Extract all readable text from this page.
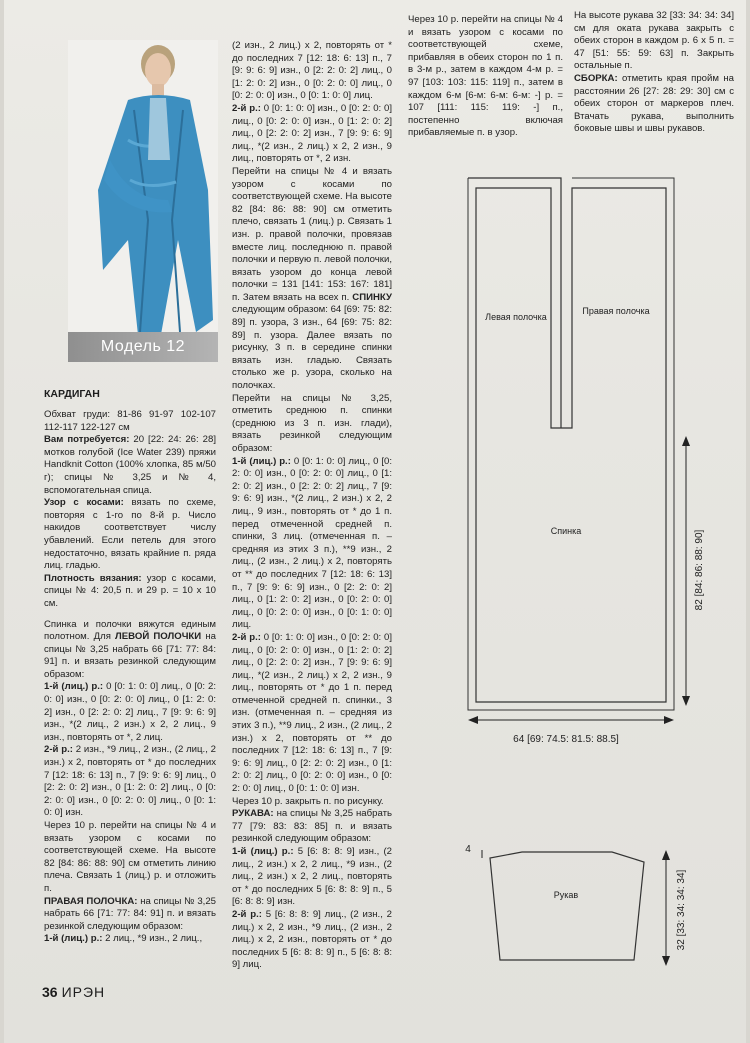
Модель 12
КАРДИГАН

Обхват груди: 81-86 91-97 102-107 112-117 122-127 см

Вам потребуется: 20 [22: 24: 26: 28] мотков голубой (Ice Water 239) пряжи Handknit Cotton (100% хлопка, 85 м/50 г); спицы № 3,25 и № 4, вспомогательная спица.

Узор с косами: вязать по схеме, повторяя с 1-го по 8-й р. Число накидов соответствует числу убавлений. Если петель для этого недостаточно, вязать крайние п. ряда лиц. гладью.

Плотность вязания: узор с косами, спицы № 4: 20,5 п. и 29 р. = 10 x 10 см.

Спинка и полочки вяжутся единым полотном. Для ЛЕВОЙ ПОЛОЧКИ на спицы № 3,25 набрать 66 [71: 77: 84: 91] п. и вязать резинкой следующим образом:

1-й (лиц.) р.: 0 [0: 1: 0: 0] лиц., 0 [0: 2: 0: 0] изн., 0 [0: 2: 0: 0] лиц., 0 [1: 2: 0: 2] изн., 0 [2: 2: 0: 2] лиц., 7 [9: 9: 6: 9] изн., *(2 лиц., 2 изн.) x 2, 2 лиц., 9 изн., повторять от *, 2 лиц.

2-й р.: 2 изн., *9 лиц., 2 изн., (2 лиц., 2 изн.) x 2, повторять от * до последних 7 [12: 18: 6: 13] п., 7 [9: 9: 6: 9] лиц., 0 [2: 2: 0: 2] изн., 0 [1: 2: 0: 2] лиц., 0 [0: 2: 0: 0] изн., 0 [0: 2: 0: 0] лиц., 0 [0: 1: 0: 0] изн.

Через 10 р. перейти на спицы № 4 и вязать узором с косами по соответствующей схеме. На высоте 82 [84: 86: 88: 90] см отметить линию плеча. Связать 1 (лиц.) р. и отложить п.

ПРАВАЯ ПОЛОЧКА: на спицы № 3,25 набрать 66 [71: 77: 84: 91] п. и вязать резинкой следующим образом:

1-й (лиц.) р.: 2 лиц., *9 изн., 2 лиц.,

(2 изн., 2 лиц.) x 2, повторять от * до последних 7 [12: 18: 6: 13] п., 7 [9: 9: 6: 9] изн., 0 [2: 2: 0: 2] лиц., 0 [1: 2: 0: 2] изн., 0 [0: 2: 0: 0] лиц., 0 [0: 2: 0: 0] изн., 0 [0: 1: 0: 0] лиц.

2-й р.: 0 [0: 1: 0: 0] изн., 0 [0: 2: 0: 0] лиц., 0 [0: 2: 0: 0] изн., 0 [1: 2: 0: 2] лиц., 0 [2: 2: 0: 2] изн., 7 [9: 9: 6: 9] лиц., *(2 изн., 2 лиц.) x 2, 2 изн., 9 лиц., повторять от *, 2 изн.

Перейти на спицы № 4 и вязать узором с косами по соответствующей схеме. На высоте 82 [84: 86: 88: 90] см отметить плечо, связать 1 (лиц.) р. Связать 1 изн. р. правой полочки, провязав вместе лиц. последнюю п. правой полочки и первую п. левой полочки, вязать узором до конца левой полочки = 131 [141: 153: 167: 181] п. Затем вязать на всех п. СПИНКУ следующим образом: 64 [69: 75: 82: 89] п. узора, 3 изн., 64 [69: 75: 82: 89] п. узора. Далее вязать по рисунку, 3 п. в середине спинки вязать изн. гладью. Связать столько же р. узора, сколько на полочках.

Перейти на спицы № 3,25, отметить среднюю п. спинки (среднюю из 3 п. изн. глади), вязать резинкой следующим образом:

1-й (лиц.) р.: 0 [0: 1: 0: 0] лиц., 0 [0: 2: 0: 0] изн., 0 [0: 2: 0: 0] лиц., 0 [1: 2: 0: 2] изн., 0 [2: 2: 0: 2] лиц., 7 [9: 9: 6: 9] изн., *(2 лиц., 2 изн.) x 2, 2 лиц., 9 изн., повторять от * до 1 п. перед отмеченной средней п. спинки, 3 лиц. (отмеченная п. – средняя из этих 3 п.), **9 изн., 2 лиц., (2 изн., 2 лиц.) x 2, повторять от ** до последних 7 [12: 18: 6: 13] п., 7 [9: 9: 6: 9] изн., 0 [2: 2: 0: 2] лиц., 0 [1: 2: 0: 2] изн., 0 [0: 2: 0: 0] лиц., 0 [0: 2: 0: 0] изн., 0 [0: 1: 0: 0] лиц.

2-й р.: 0 [0: 1: 0: 0] изн., 0 [0: 2: 0: 0] лиц., 0 [0: 2: 0: 0] изн., 0 [1: 2: 0: 2] лиц., 0 [2: 2: 0: 2] изн., 7 [9: 9: 6: 9] лиц., *(2 изн., 2 лиц.) x 2, 2 изн., 9 лиц., повторять от * до 1 п. перед отмеченной средней п. спинки., 3 изн. (отмеченная п. – средняя из этих 3 п.), **9 лиц., 2 изн., (2 лиц., 2 изн.) x 2, повторять от ** до последних 7 [12: 18: 6: 13] п., 7 [9: 9: 6: 9] лиц., 0 [2: 2: 0: 2] изн., 0 [1: 2: 0: 2] лиц., 0 [0: 2: 0: 0] изн., 0 [0: 2: 0: 0] лиц., 0 [0: 1: 0: 0] изн.

Через 10 р. закрыть п. по рисунку.

РУКАВА: на спицы № 3,25 набрать 77 [79: 83: 83: 85] п. и вязать резинкой следующим образом:

1-й (лиц.) р.: 5 [6: 8: 8: 9] изн., (2 лиц., 2 изн.) x 2, 2 лиц., *9 изн., (2 лиц., 2 изн.) x 2, 2 лиц., повторять от * до последних 5 [6: 8: 8: 9] п., 5 [6: 8: 8: 9] изн.

2-й р.: 5 [6: 8: 8: 9] лиц., (2 изн., 2 лиц.) x 2, 2 изн., *9 лиц., (2 изн., 2 лиц.) x 2, 2 изн., повторять от * до последних 5 [6: 8: 8: 9] п., 5 [6: 8: 8: 9] лиц.

Через 10 р. перейти на спицы № 4 и вязать узором с косами по соответствующей схеме, прибавляя в обеих сторон по 1 п. в 3-м р., затем в каждом 4-м р. = 97 [103: 103: 115: 119] п., затем в каждом 6-м [6-м: 6-м: 6-м: -] р. = 107 [111: 115: 119: -] п., постепенно включая прибавляемые п. в узор.

На высоте рукава 32 [33: 34: 34: 34] см для оката рукава закрыть с обеих сторон в каждом р. 6 x 5 п. = 47 [51: 55: 59: 63] п. Закрыть остальные п.

СБОРКА: отметить края пройм на расстоянии 26 [27: 28: 29: 30] см с обеих сторон от маркеров плеч. Втачать рукава, выполнить боковые швы и швы рукавов.

Левая полочка
Правая полочка
Спинка	82 [84: 86: 88: 90]
64 [69: 74.5: 81.5: 88.5]
Рукав
4
32 [33: 34: 34: 34]
36 ИРЭН
